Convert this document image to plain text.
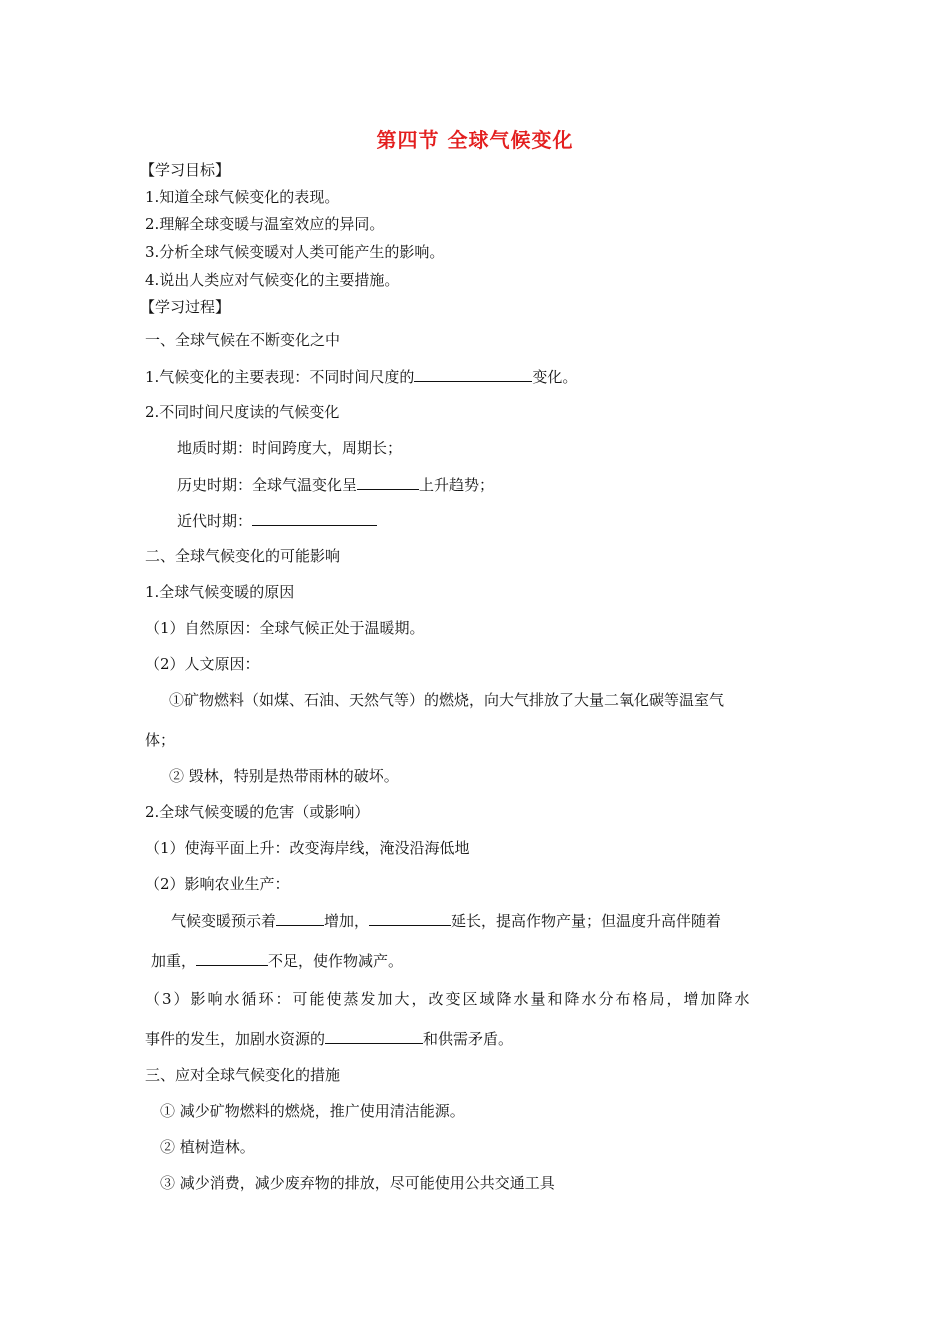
第四节 全球气候变化
【学习目标】
1.知道全球气候变化的表现。
2.理解全球变暖与温室效应的异同。
3.分析全球气候变暖对人类可能产生的影响。
4.说出人类应对气候变化的主要措施。
【学习过程】
一、全球气候在不断变化之中
1.气候变化的主要表现：不同时间尺度的	变化。
2.不同时间尺度读的气候变化
地质时期：时间跨度大，周期长；
历史时期：全球气温变化呈	上升趋势；
近代时期：
二、全球气候变化的可能影响
1.全球气候变暖的原因
（1）自然原因：全球气候正处于温暖期。
（2）人文原因：
①矿物燃料（如煤、石油、天然气等）的燃烧，向大气排放了大量二氧化碳等温室气
体；
② 毁林，特别是热带雨林的破坏。
2.全球气候变暖的危害（或影响）
（1）使海平面上升：改变海岸线，淹没沿海低地
（2）影响农业生产：
气候变暖预示着	增加，	延长，提高作物产量；但温度升高伴随着
加重，	不足，使作物减产。
（3）影响水循环：可能使蒸发加大，改变区域降水量和降水分布格局，增加降水
事件的发生，加剧水资源的	和供需矛盾。
三、应对全球气候变化的措施
① 减少矿物燃料的燃烧，推广使用清洁能源。
② 植树造林。
③ 减少消费，减少废弃物的排放，尽可能使用公共交通工具
